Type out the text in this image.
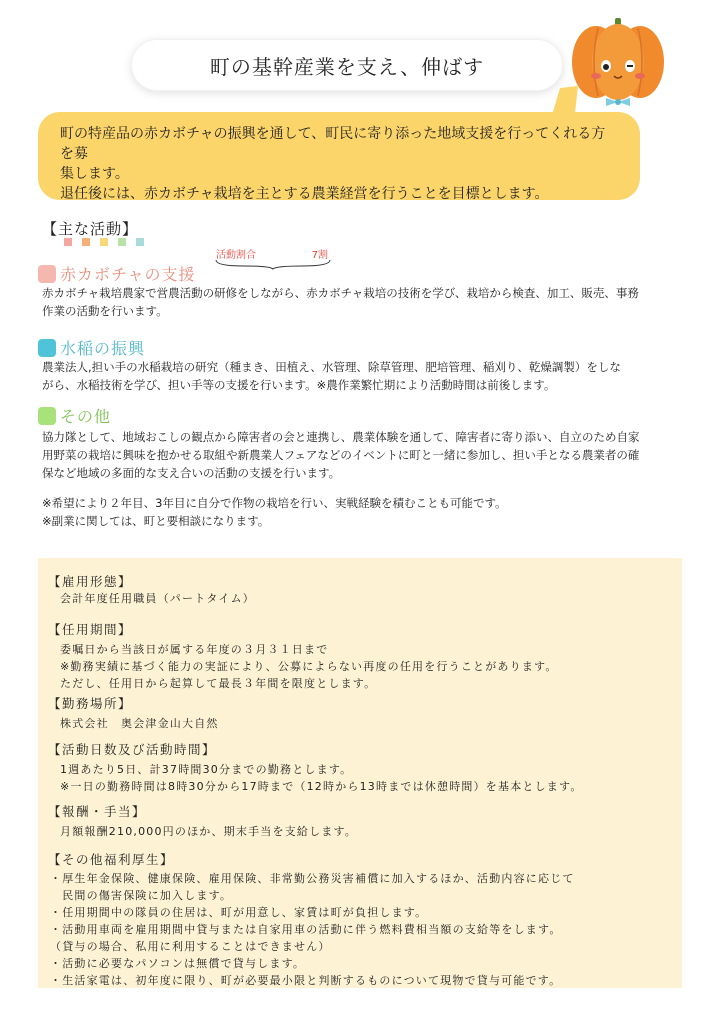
町の基幹産業を支え、伸ばす

町の特産品の赤カボチャの振興を通して、町民に寄り添った地域支援を行ってくれる方を募

集します。

退任後には、赤カボチャ栽培を主とする農業経営を行うことを目標とします。

【主な活動】
活動割合	7割
赤カボチャの支援
赤カボチャ栽培農家で営農活動の研修をしながら、赤カボチャ栽培の技術を学び、栽培から検査、加工、販売、事務
作業の活動を行います。
水稲の振興
農業法人,担い手の水稲栽培の研究（種まき、田植え、水管理、除草管理、肥培管理、稲刈り、乾燥調製）をしな
がら、水稲技術を学び、担い手等の支援を行います。※農作業繁忙期により活動時間は前後します。
その他
協力隊として、地域おこしの観点から障害者の会と連携し、農業体験を通して、障害者に寄り添い、自立のため自家
用野菜の栽培に興味を抱かせる取組や新農業人フェアなどのイベントに町と一緒に参加し、担い手となる農業者の確
保など地域の多面的な支え合いの活動の支援を行います。

※希望により２年目、3年目に自分で作物の栽培を行い、実戦経験を積むことも可能です。

※副業に関しては、町と要相談になります。

【雇用形態】

会計年度任用職員（パートタイム）

【任用期間】

委嘱日から当該日が属する年度の３月３１日まで

※勤務実績に基づく能力の実証により、公募によらない再度の任用を行うことがあります。

ただし、任用日から起算して最長３年間を限度とします。

【勤務場所】

株式会社　奥会津金山大自然

【活動日数及び活動時間】

1週あたり5日、計37時間30分までの勤務とします。

※一日の勤務時間は8時30分から17時まで（12時から13時までは休憩時間）を基本とします。

【報酬・手当】

月額報酬210,000円のほか、期末手当を支給します。

【その他福利厚生】

・厚生年金保険、健康保険、雇用保険、非常勤公務災害補償に加入するほか、活動内容に応じて

　民間の傷害保険に加入します。

・任用期間中の隊員の住居は、町が用意し、家賃は町が負担します。

・活動用車両を雇用期間中貸与または自家用車の活動に伴う燃料費相当額の支給等をします。

（貸与の場合、私用に利用することはできません）

・活動に必要なパソコンは無償で貸与します。

・生活家電は、初年度に限り、町が必要最小限と判断するものについて現物で貸与可能です。
